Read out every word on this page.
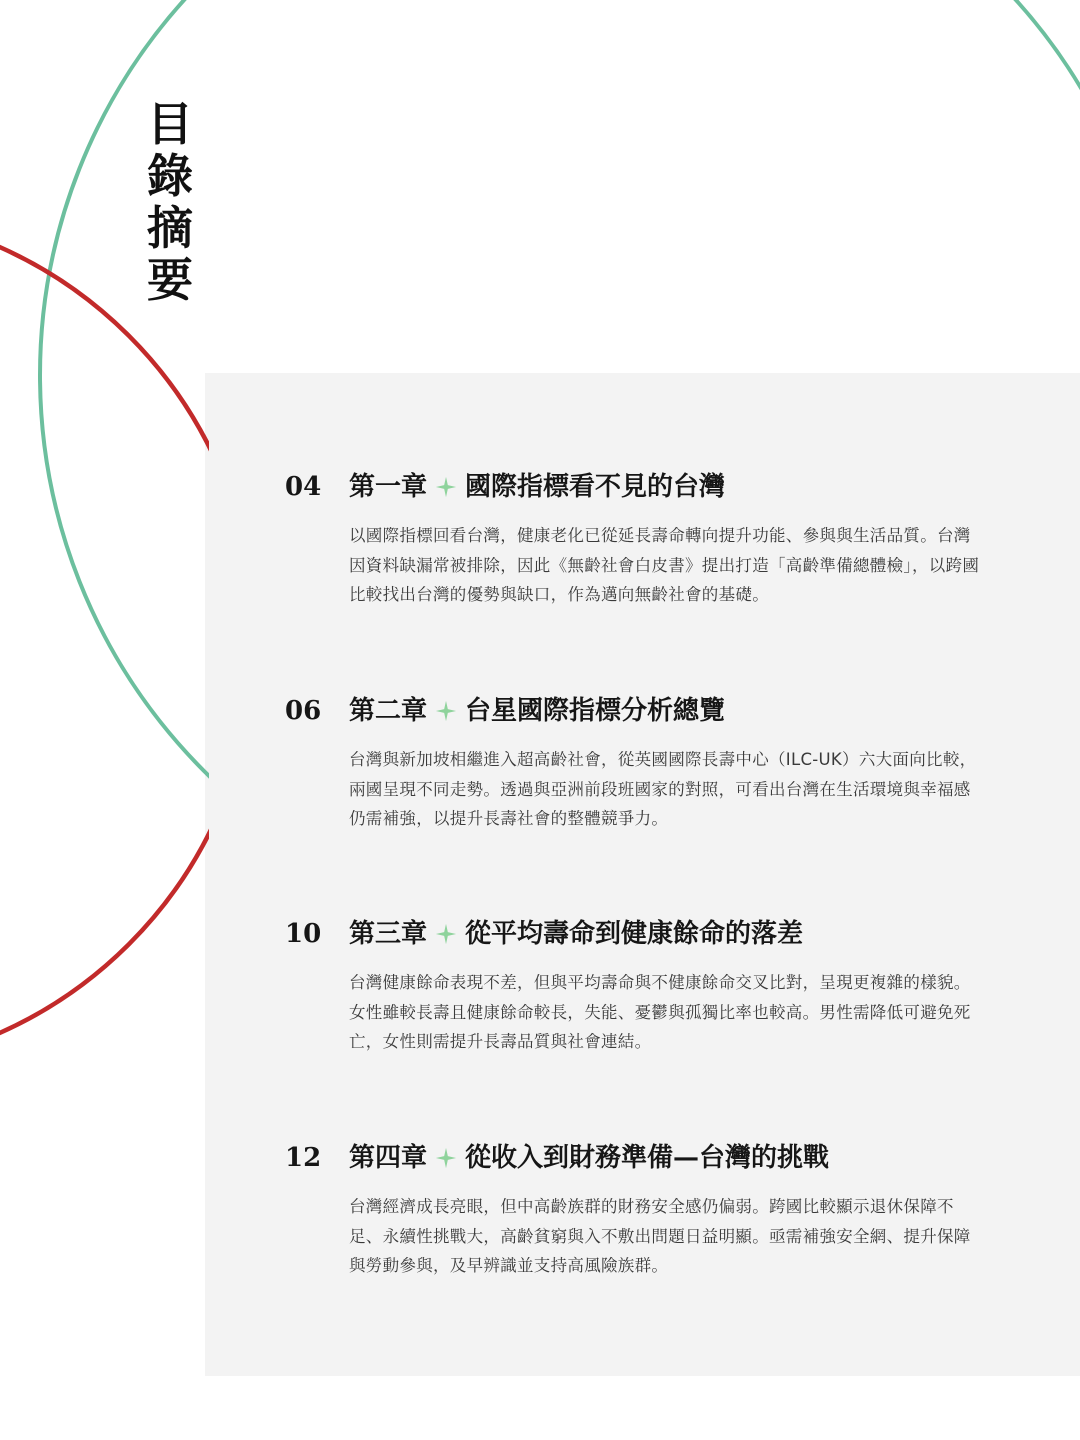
目
錄
摘
要
04 第一章 國際指標看不見的台灣

以國際指標回看台灣，健康老化已從延長壽命轉向提升功能、參與與生活品質。台灣因資料缺漏常被排除，因此《無齡社會白皮書》提出打造「高齡準備總體檢」，以跨國比較找出台灣的優勢與缺口，作為邁向無齡社會的基礎。

06 第二章 台星國際指標分析總覽

台灣與新加坡相繼進入超高齡社會，從英國國際長壽中心（ILC-UK）六大面向比較，兩國呈現不同走勢。透過與亞洲前段班國家的對照，可看出台灣在生活環境與幸福感仍需補強，以提升長壽社會的整體競爭力。

10 第三章 從平均壽命到健康餘命的落差

台灣健康餘命表現不差，但與平均壽命與不健康餘命交叉比對，呈現更複雜的樣貌。女性雖較長壽且健康餘命較長，失能、憂鬱與孤獨比率也較高。男性需降低可避免死亡，女性則需提升長壽品質與社會連結。

12 第四章 從收入到財務準備—台灣的挑戰

台灣經濟成長亮眼，但中高齡族群的財務安全感仍偏弱。跨國比較顯示退休保障不足、永續性挑戰大，高齡貧窮與入不敷出問題日益明顯。亟需補強安全網、提升保障與勞動參與，及早辨識並支持高風險族群。
